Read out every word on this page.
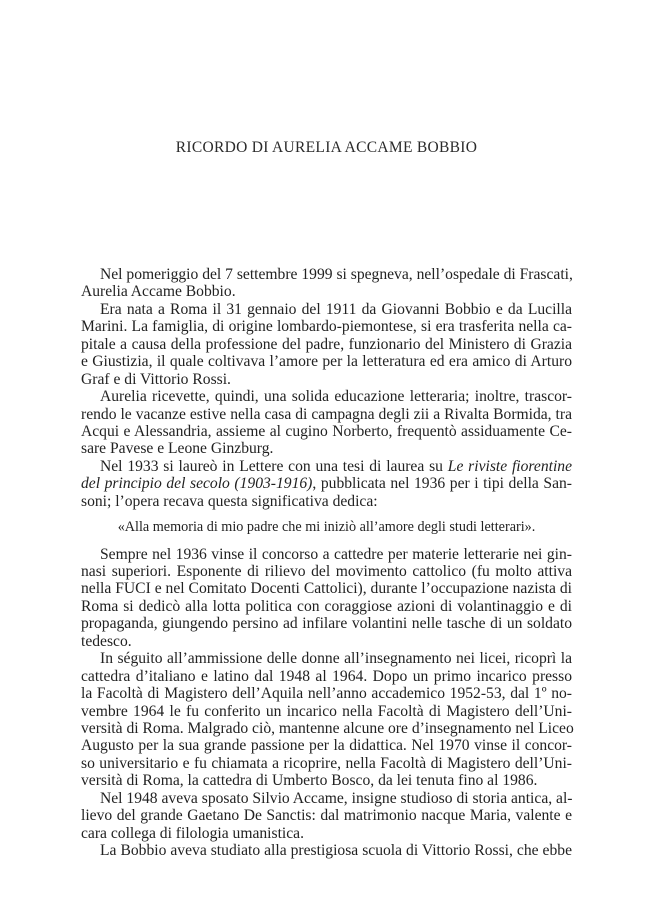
RICORDO DI AURELIA ACCAME BOBBIO
Nel pomeriggio del 7 settembre 1999 si spegneva, nell’ospedale di Frascati,
Aurelia Accame Bobbio.
Era nata a Roma il 31 gennaio del 1911 da Giovanni Bobbio e da Lucilla
Marini. La famiglia, di origine lombardo-piemontese, si era trasferita nella ca-
pitale a causa della professione del padre, funzionario del Ministero di Grazia
e Giustizia, il quale coltivava l’amore per la letteratura ed era amico di Arturo
Graf e di Vittorio Rossi.
Aurelia ricevette, quindi, una solida educazione letteraria; inoltre, trascor-
rendo le vacanze estive nella casa di campagna degli zii a Rivalta Bormida, tra
Acqui e Alessandria, assieme al cugino Norberto, frequentò assiduamente Ce-
sare Pavese e Leone Ginzburg.
Nel 1933 si laureò in Lettere con una tesi di laurea su Le riviste fiorentine
del principio del secolo (1903-1916), pubblicata nel 1936 per i tipi della San-
soni; l’opera recava questa significativa dedica:
«Alla memoria di mio padre che mi iniziò all’amore degli studi letterari».
Sempre nel 1936 vinse il concorso a cattedre per materie letterarie nei gin-
nasi superiori. Esponente di rilievo del movimento cattolico (fu molto attiva
nella FUCI e nel Comitato Docenti Cattolici), durante l’occupazione nazista di
Roma si dedicò alla lotta politica con coraggiose azioni di volantinaggio e di
propaganda, giungendo persino ad infilare volantini nelle tasche di un soldato
tedesco.
In séguito all’ammissione delle donne all’insegnamento nei licei, ricoprì la
cattedra d’italiano e latino dal 1948 al 1964. Dopo un primo incarico presso
la Facoltà di Magistero dell’Aquila nell’anno accademico 1952-53, dal 1º no-
vembre 1964 le fu conferito un incarico nella Facoltà di Magistero dell’Uni-
versità di Roma. Malgrado ciò, mantenne alcune ore d’insegnamento nel Liceo
Augusto per la sua grande passione per la didattica. Nel 1970 vinse il concor-
so universitario e fu chiamata a ricoprire, nella Facoltà di Magistero dell’Uni-
versità di Roma, la cattedra di Umberto Bosco, da lei tenuta fino al 1986.
Nel 1948 aveva sposato Silvio Accame, insigne studioso di storia antica, al-
lievo del grande Gaetano De Sanctis: dal matrimonio nacque Maria, valente e
cara collega di filologia umanistica.
La Bobbio aveva studiato alla prestigiosa scuola di Vittorio Rossi, che ebbe
